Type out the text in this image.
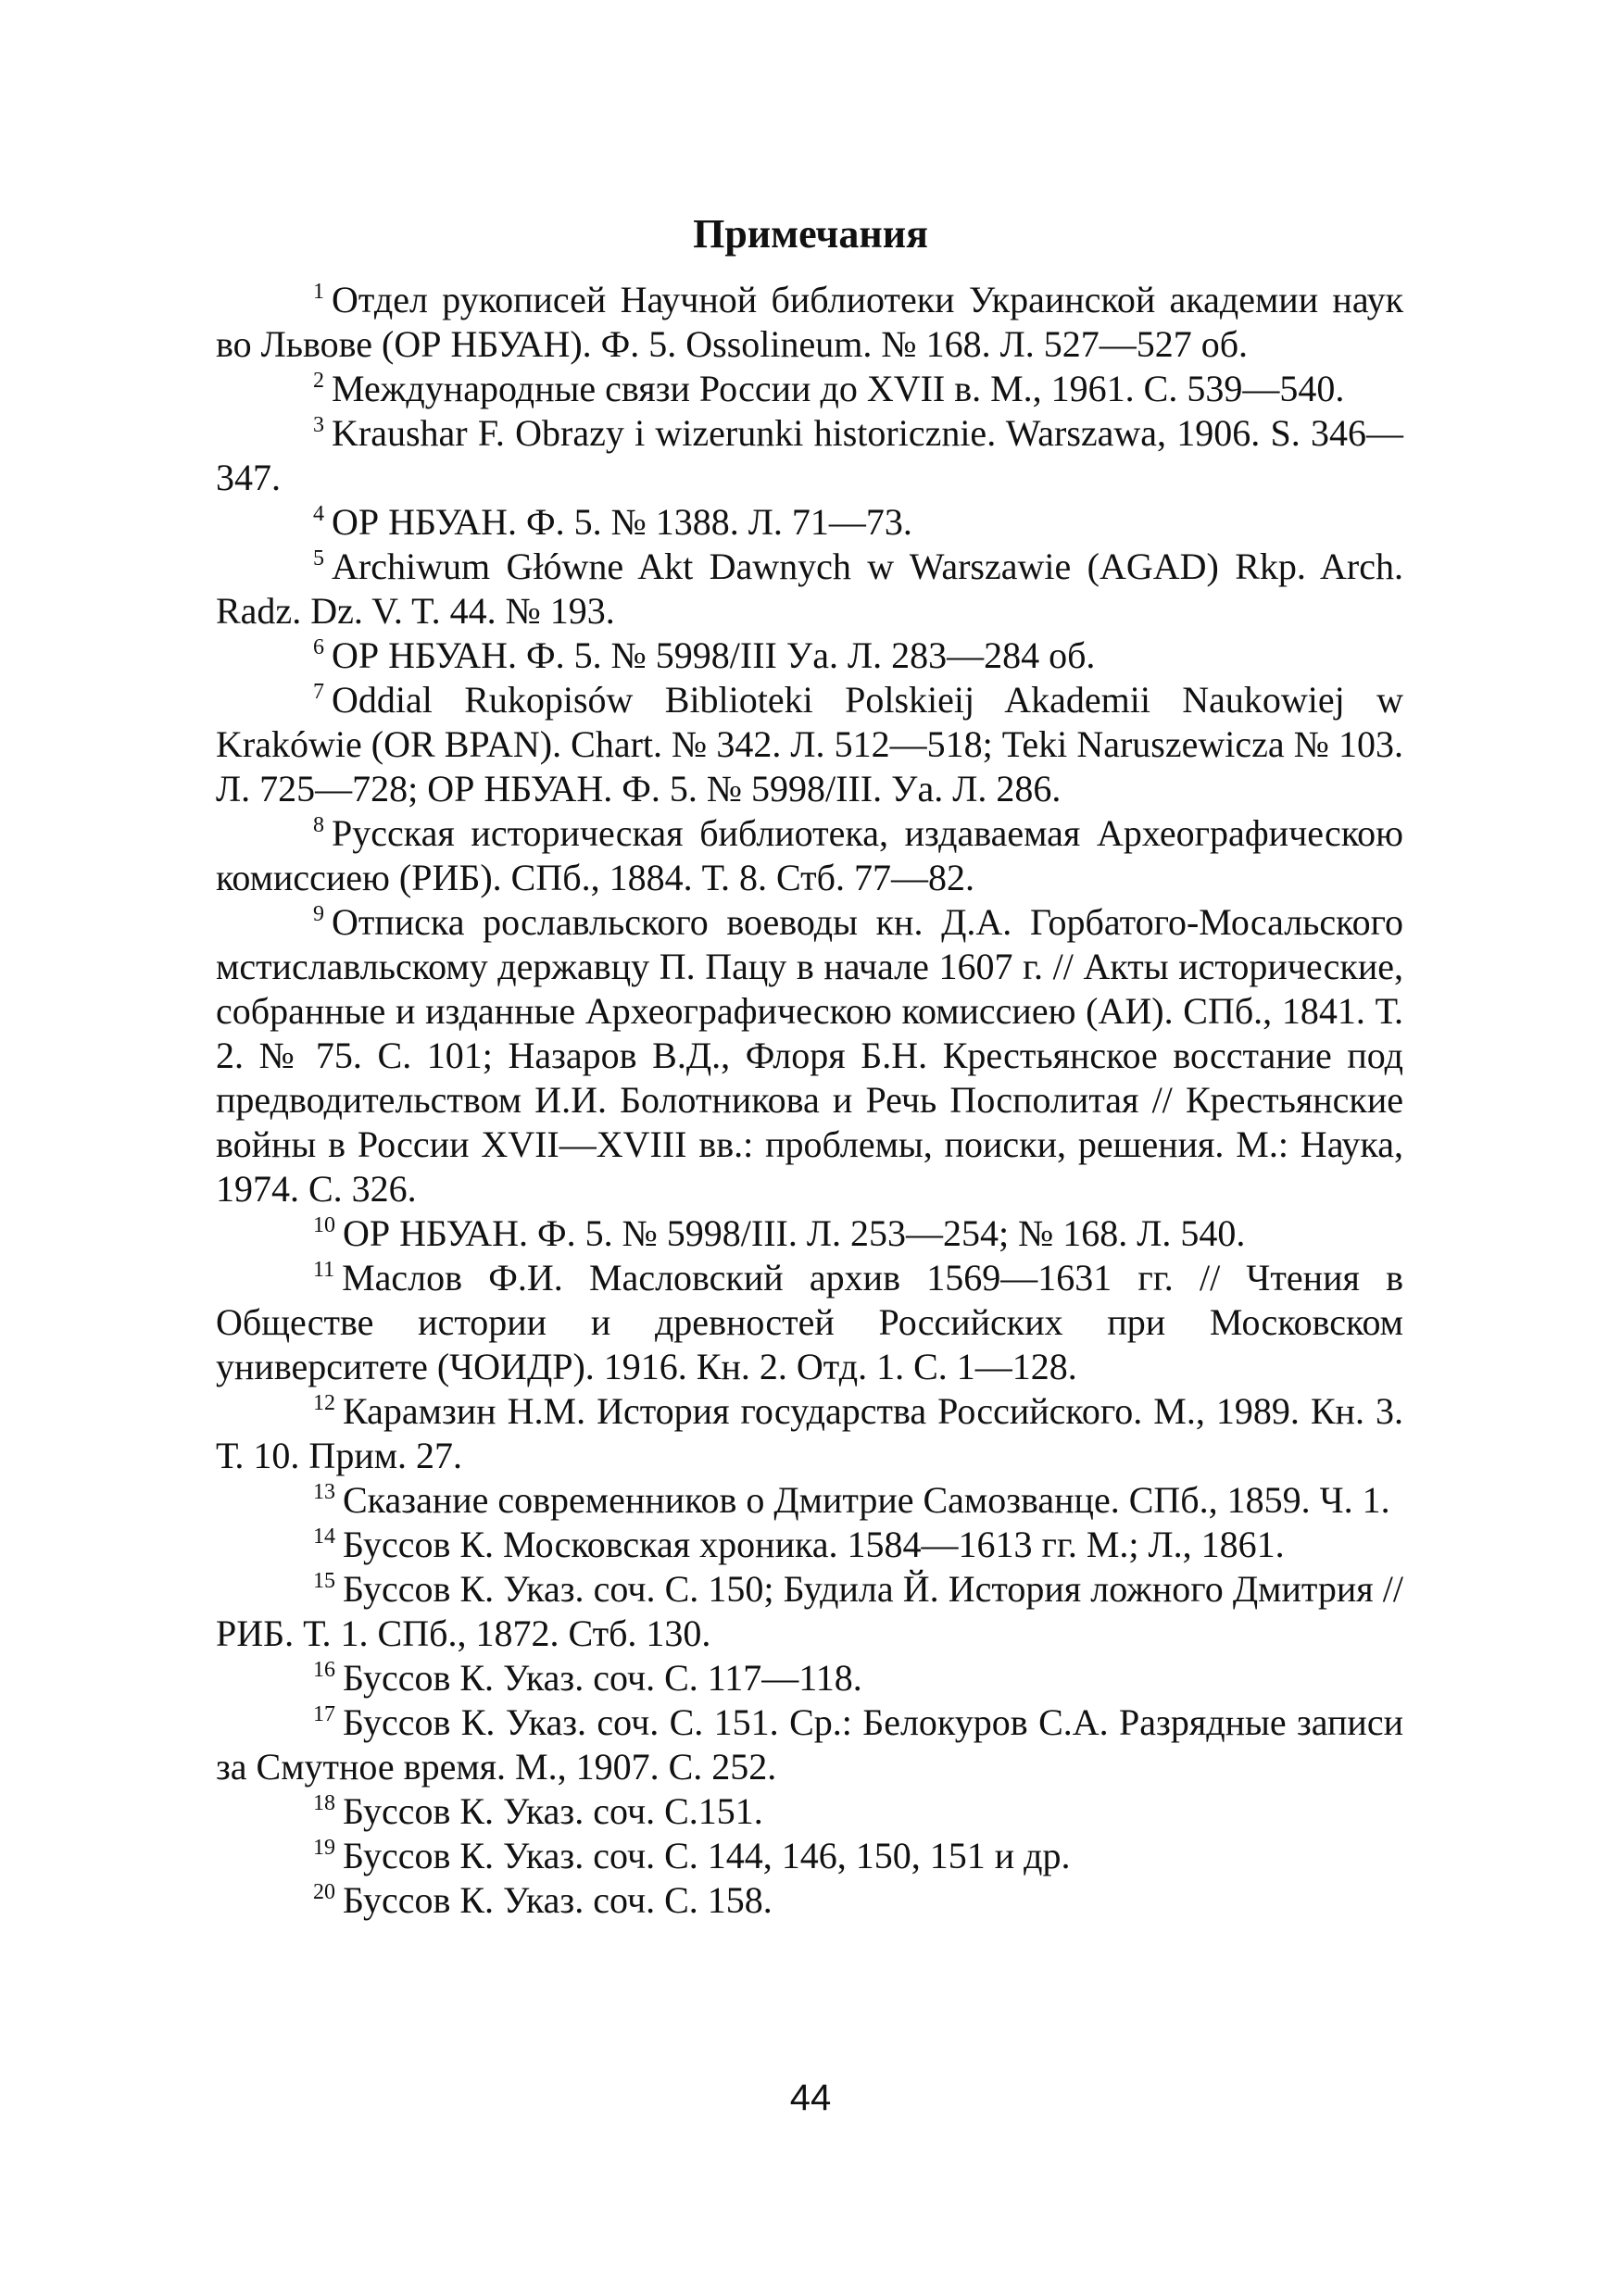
Примечания

$^1$ Отдел рукописей Научной библиотеки Украинской академии наук во Львове (ОР НБУАН). Ф. 5. Ossolineum. № 168. Л. 527—527 об.

$^2$ Международные связи России до XVII в. М., 1961. С. 539—540.

$^3$ Kraushar F. Obrazy i wizerunki historicznie. Warszawa, 1906. S. 346—347.

$^4$ ОР НБУАН. Ф. 5. № 1388. Л. 71—73.

$^5$ Archiwum Główne Akt Dawnych w Warszawie (AGAD) Rkp. Arch. Radz. Dz. V. T. 44. № 193.

$^6$ ОР НБУАН. Ф. 5. № 5998/III Уа. Л. 283—284 об.

$^7$ Oddial Rukopisów Biblioteki Polskieij Akademii Naukowiej w Krakówie (OR BPAN). Chart. № 342. Л. 512—518; Teki Naruszewicza № 103. Л. 725—728; ОР НБУАН. Ф. 5. № 5998/III. Уа. Л. 286.

$^8$ Русская историческая библиотека, издаваемая Археографическою комиссиею (РИБ). СПб., 1884. Т. 8. Стб. 77—82.

$^9$ Отписка рославльского воеводы кн. Д.А. Горбатого-Мосальского мстиславльскому державцу П. Пацу в начале 1607 г. // Акты исторические, собранные и изданные Археографическою комиссиею (АИ). СПб., 1841. Т. 2. № 75. С. 101; Назаров В.Д., Флоря Б.Н. Крестьянское восстание под предводительством И.И. Болотникова и Речь Посполитая // Крестьянские войны в России XVII—XVIII вв.: проблемы, поиски, решения. М.: Наука, 1974. С. 326.

$^{10}$ ОР НБУАН. Ф. 5. № 5998/III. Л. 253—254; № 168. Л. 540.

$^{11}$ Маслов Ф.И. Масловский архив 1569—1631 гг. // Чтения в Обществе истории и древностей Российских при Московском университете (ЧОИДР). 1916. Кн. 2. Отд. 1. С. 1—128.

$^{12}$ Карамзин Н.М. История государства Российского. М., 1989. Кн. 3. Т. 10. Прим. 27.

$^{13}$ Сказание современников о Дмитрие Самозванце. СПб., 1859. Ч. 1.

$^{14}$ Буссов К. Московская хроника. 1584—1613 гг. М.; Л., 1861.

$^{15}$ Буссов К. Указ. соч. С. 150; Будила Й. История ложного Дмитрия // РИБ. Т. 1. СПб., 1872. Стб. 130.

$^{16}$ Буссов К. Указ. соч. С. 117—118.

$^{17}$ Буссов К. Указ. соч. С. 151. Ср.: Белокуров С.А. Разрядные записи за Смутное время. М., 1907. С. 252.

$^{18}$ Буссов К. Указ. соч. С.151.

$^{19}$ Буссов К. Указ. соч. С. 144, 146, 150, 151 и др.

$^{20}$ Буссов К. Указ. соч. С. 158.

44
